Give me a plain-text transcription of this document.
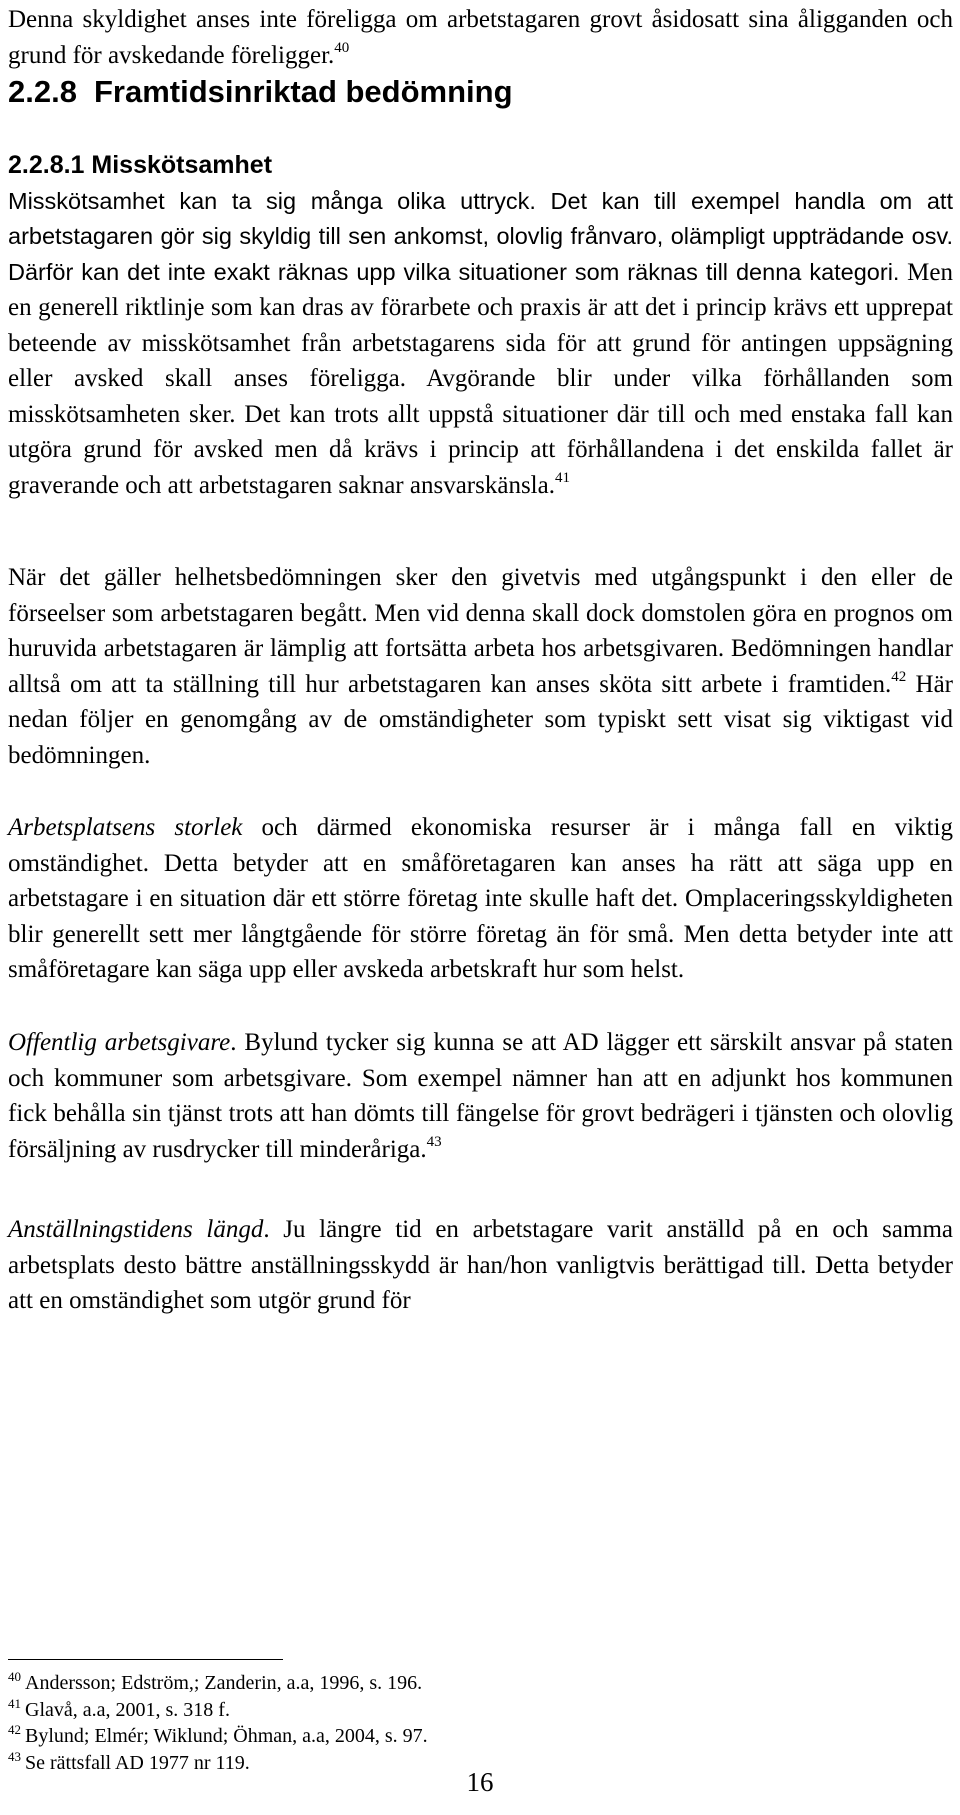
Denna skyldighet anses inte föreligga om arbetstagaren grovt åsidosatt sina åligganden och grund för avskedande föreligger.$^{40}$

2.2.8 Framtidsinriktad bedömning
2.2.8.1 Misskötsamhet
Misskötsamhet kan ta sig många olika uttryck. Det kan till exempel handla om att arbetstagaren gör sig skyldig till sen ankomst, olovlig frånvaro, olämpligt uppträdande osv. Därför kan det inte exakt räknas upp vilka situationer som räknas till denna kategori. Men en generell riktlinje som kan dras av förarbete och praxis är att det i princip krävs ett upprepat beteende av misskötsamhet från arbetstagarens sida för att grund för antingen uppsägning eller avsked skall anses föreligga. Avgörande blir under vilka förhållanden som misskötsamheten sker. Det kan trots allt uppstå situationer där till och med enstaka fall kan utgöra grund för avsked men då krävs i princip att förhållandena i det enskilda fallet är graverande och att arbetstagaren saknar ansvarskänsla.$^{41}$

När det gäller helhetsbedömningen sker den givetvis med utgångspunkt i den eller de förseelser som arbetstagaren begått. Men vid denna skall dock domstolen göra en prognos om huruvida arbetstagaren är lämplig att fortsätta arbeta hos arbetsgivaren. Bedömningen handlar alltså om att ta ställning till hur arbetstagaren kan anses sköta sitt arbete i framtiden.$^{42}$ Här nedan följer en genomgång av de omständigheter som typiskt sett visat sig viktigast vid bedömningen.

Arbetsplatsens storlek och därmed ekonomiska resurser är i många fall en viktig omständighet. Detta betyder att en småföretagaren kan anses ha rätt att säga upp en arbetstagare i en situation där ett större företag inte skulle haft det. Omplaceringsskyldigheten blir generellt sett mer långtgående för större företag än för små. Men detta betyder inte att småföretagare kan säga upp eller avskeda arbetskraft hur som helst.

Offentlig arbetsgivare. Bylund tycker sig kunna se att AD lägger ett särskilt ansvar på staten och kommuner som arbetsgivare. Som exempel nämner han att en adjunkt hos kommunen fick behålla sin tjänst trots att han dömts till fängelse för grovt bedrägeri i tjänsten och olovlig försäljning av rusdrycker till minderåriga.$^{43}$

Anställningstidens längd. Ju längre tid en arbetstagare varit anställd på en och samma arbetsplats desto bättre anställningsskydd är han/hon vanligtvis berättigad till. Detta betyder att en omständighet som utgör grund för

$^{40}$ Andersson; Edström,; Zanderin, a.a, 1996, s. 196.
$^{41}$ Glavå, a.a, 2001, s. 318 f.
$^{42}$ Bylund; Elmér; Wiklund; Öhman, a.a, 2004, s. 97.
$^{43}$ Se rättsfall AD 1977 nr 119.
16
